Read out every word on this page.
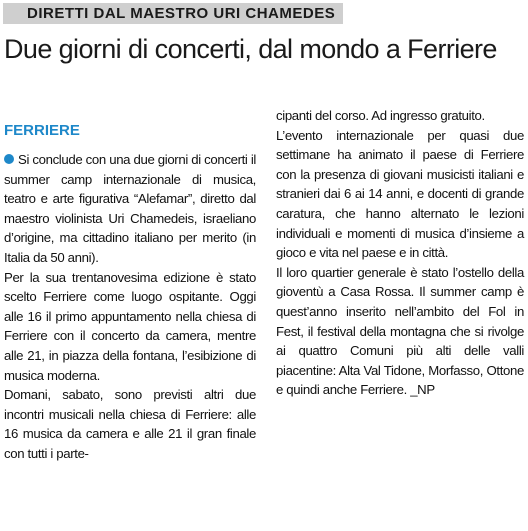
DIRETTI DAL MAESTRO URI CHAMEDES
Due giorni di concerti, dal mondo a Ferriere

FERRIERE

Si conclude con una due giorni di concerti il summer camp internazionale di musica, teatro e arte figurativa “Alefamar”, diretto dal maestro violinista Uri Chamedeis, israeliano d’origine, ma cittadino italiano per merito (in Italia da 50 anni).

Per la sua trentanovesima edizione è stato scelto Ferriere come luogo ospitante. Oggi alle 16 il primo appuntamento nella chiesa di Ferriere con il concerto da camera, mentre alle 21, in piazza della fontana, l’esibizione di musica moderna.

Domani, sabato, sono previsti altri due incontri musicali nella chiesa di Ferriere: alle 16 musica da camera e alle 21 il gran finale con tutti i parte-

cipanti del corso. Ad ingresso gratuito.

L’evento internazionale per quasi due settimane ha animato il paese di Ferriere con la presenza di giovani musicisti italiani e stranieri dai 6 ai 14 anni, e docenti di grande caratura, che hanno alternato le lezioni individuali e momenti di musica d’insieme a gioco e vita nel paese e in città.

Il loro quartier generale è stato l’ostello della gioventù a Casa Rossa. Il summer camp è quest’anno inserito nell’ambito del Fol in Fest, il festival della montagna che si rivolge ai quattro Comuni più alti delle valli piacentine: Alta Val Tidone, Morfasso, Ottone e quindi anche Ferriere. _NP
